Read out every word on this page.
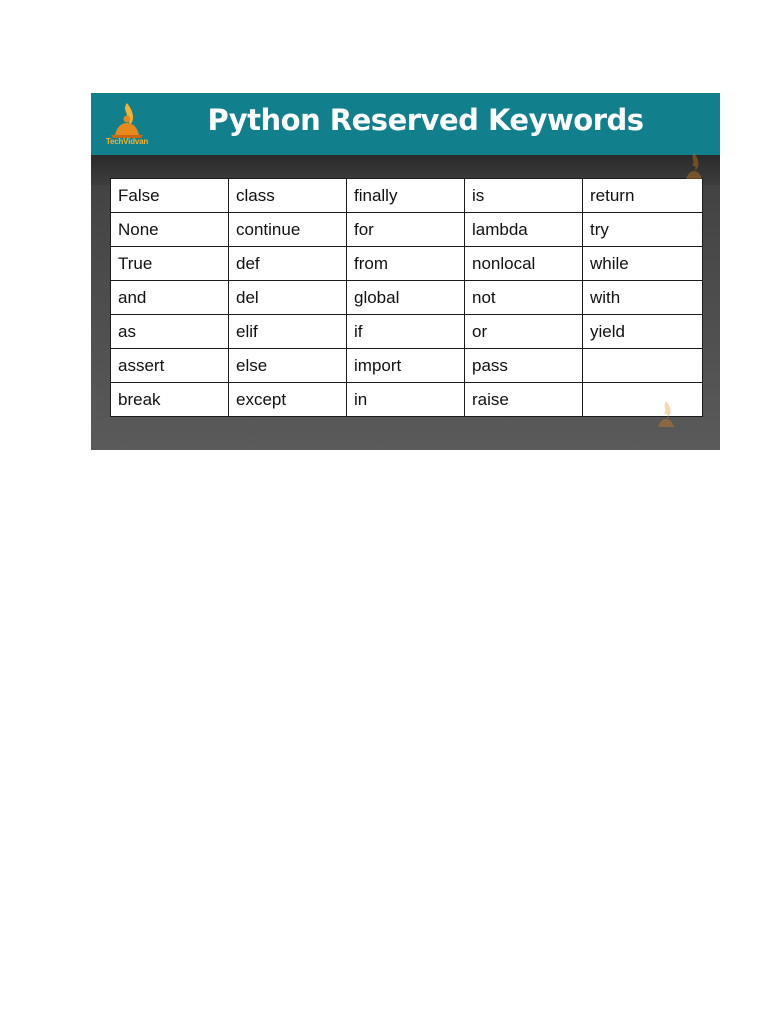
TechVidvan
Python Reserved Keywords
False	class	finally	is	return
None	continue	for	lambda	try
True	def	from	nonlocal	while
and	del	global	not	with
as	elif	if	or	yield
assert	else	import	pass	
break	except	in	raise	
